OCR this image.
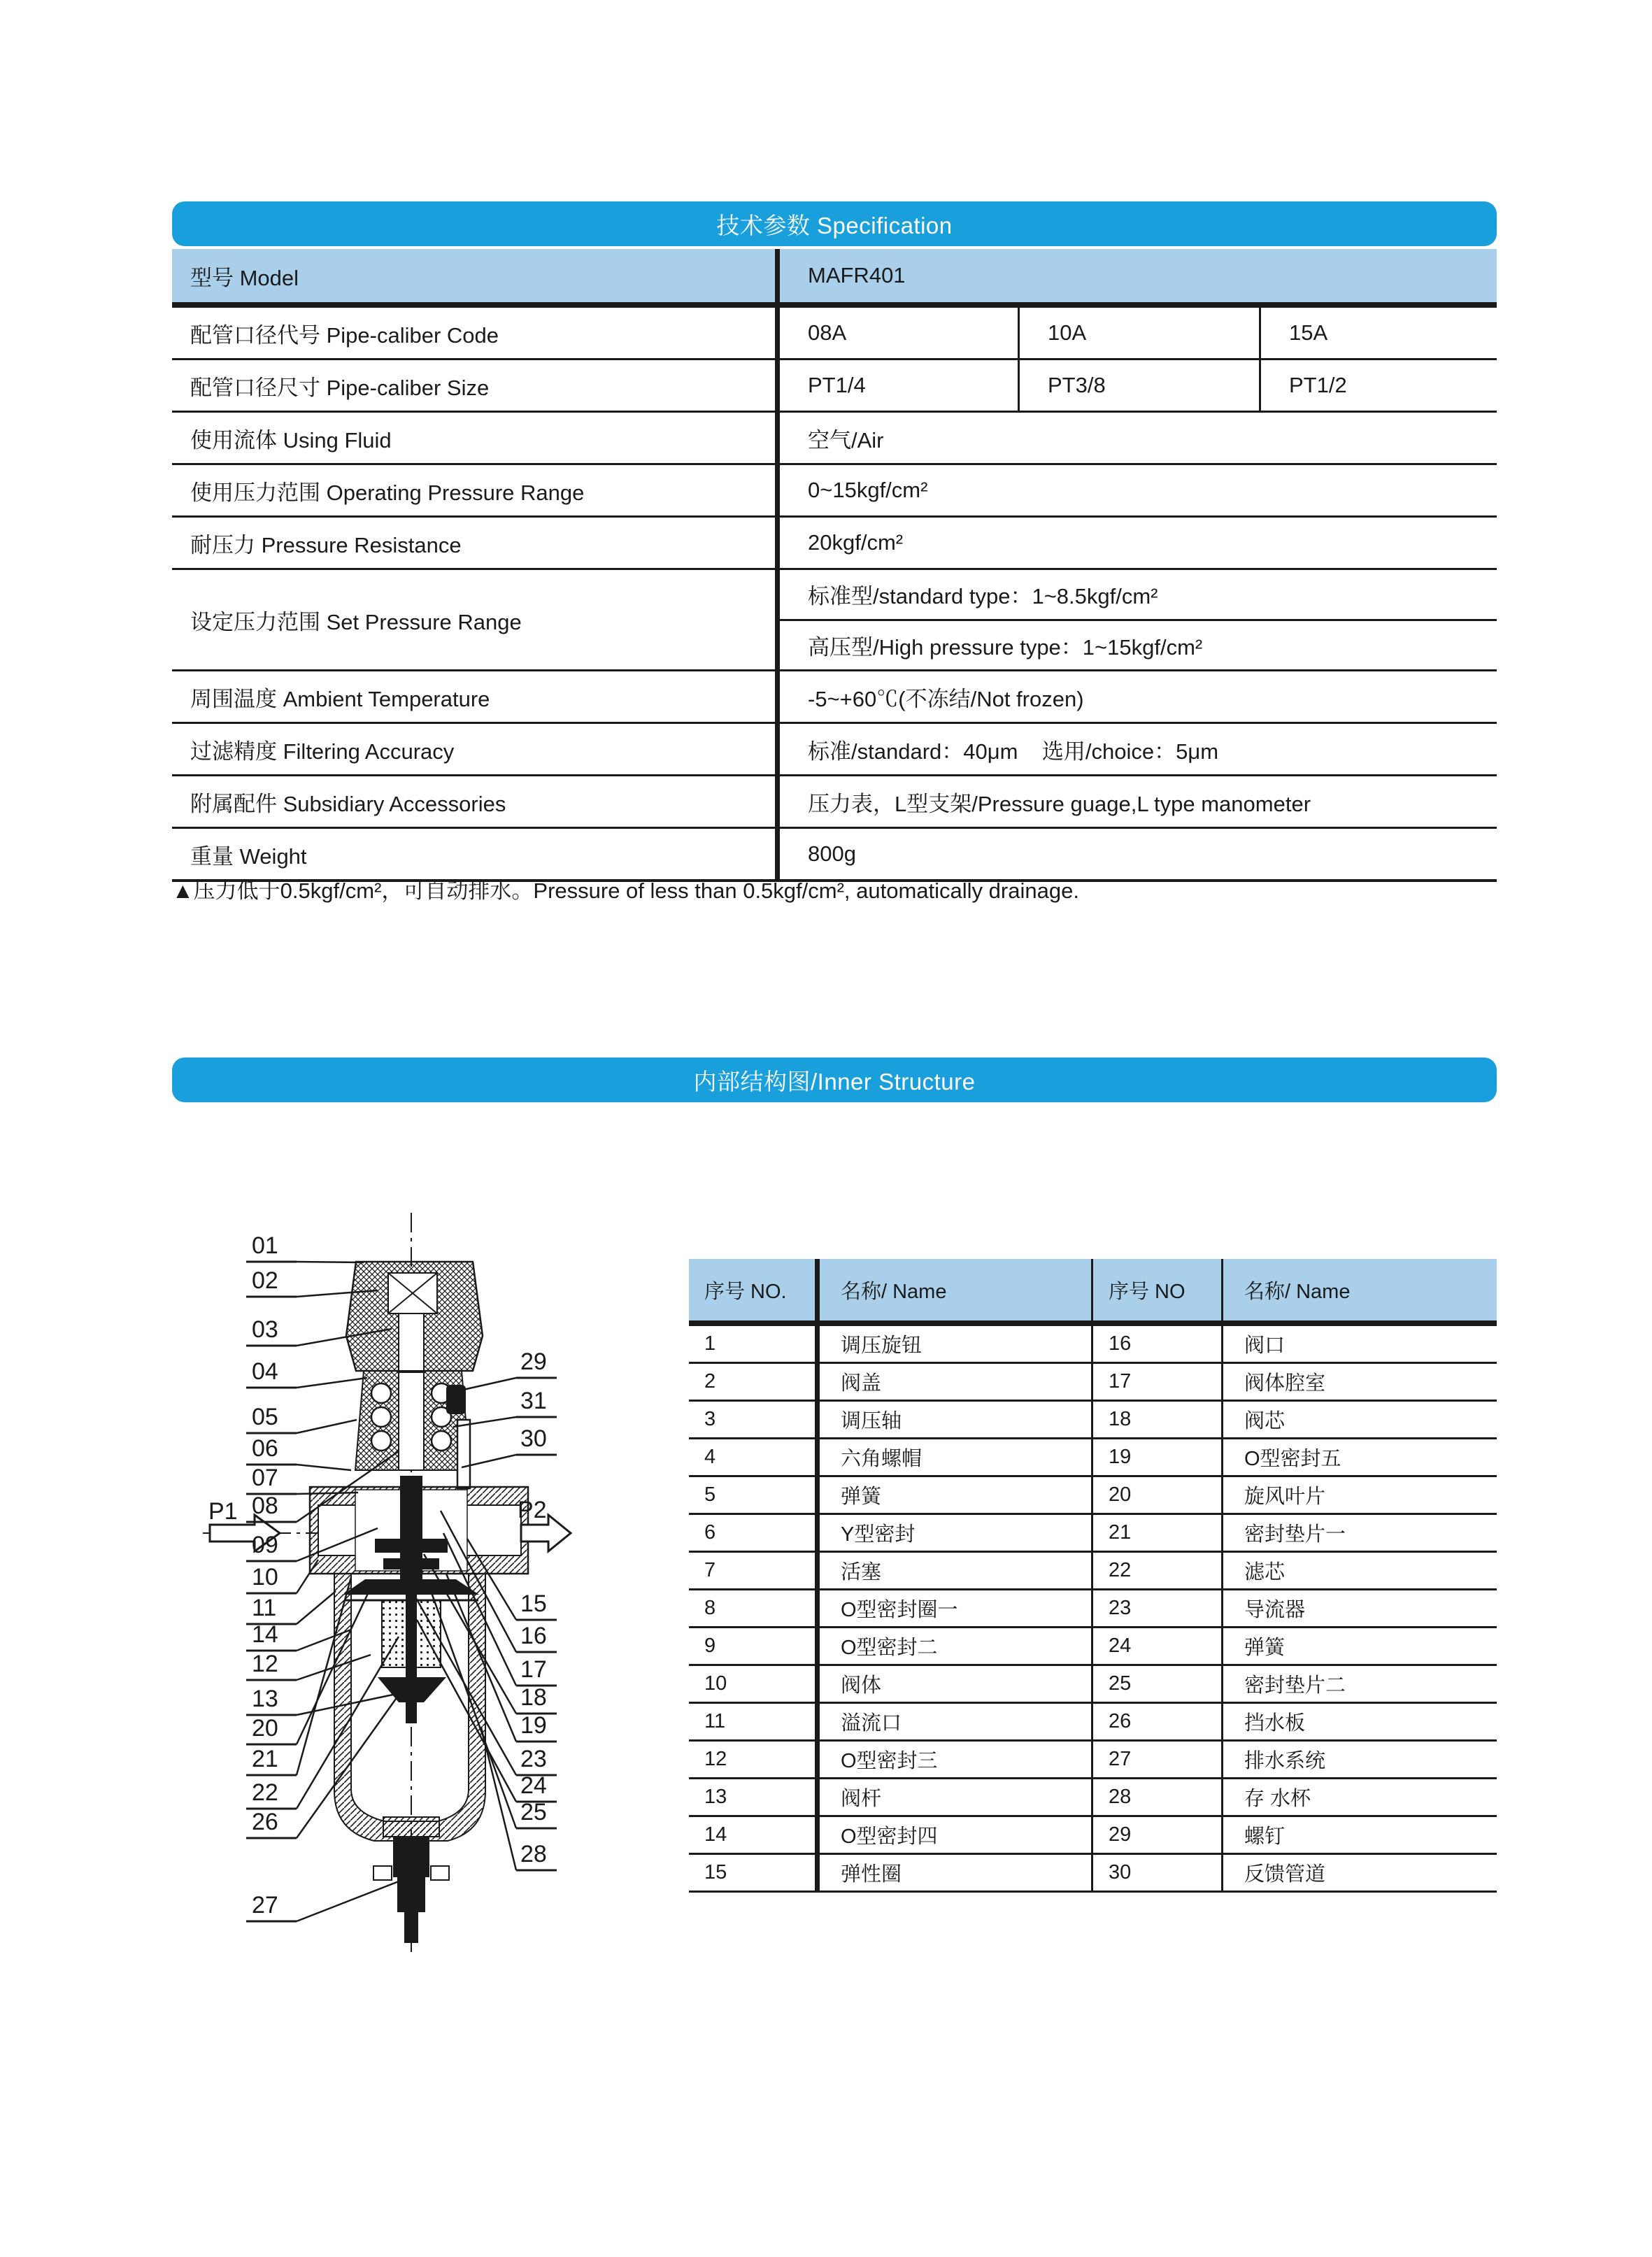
技术参数 Specification
型号 Model	MAFR401
配管口径代号 Pipe-caliber Code	08A	10A	15A
配管口径尺寸 Pipe-caliber Size	PT1/4	PT3/8	PT1/2
使用流体 Using Fluid	空气/Air
使用压力范围 Operating Pressure Range	0~15kgf/cm²
耐压力 Pressure Resistance	20kgf/cm²
设定压力范围 Set Pressure Range
标准型/standard type：1~8.5kgf/cm²
高压型/High pressure type：1~15kgf/cm²
周围温度 Ambient Temperature	-5~+60℃(不冻结/Not frozen)
过滤精度 Filtering Accuracy	标准/standard：40μm    选用/choice：5μm
附属配件 Subsidiary Accessories	压力表，L型支架/Pressure guage,L type manometer
重量 Weight	800g
▲压力低于0.5kgf/cm²，可自动排水。Pressure of less than 0.5kgf/cm², automatically drainage.
内部结构图/Inner Structure
P1	P2
01
02
03
04
05
06
07
08
09
10
11
14
12
13
20
21
22
26
27
29
31
30
15
16
17
18
19
23
24
25
28
序号 NO.	名称/ Name	序号 NO	名称/ Name
1	调压旋钮	16	阀口
2	阀盖	17	阀体腔室
3	调压轴	18	阀芯
4	六角螺帽	19	O型密封五
5	弹簧	20	旋风叶片
6	Y型密封	21	密封垫片一
7	活塞	22	滤芯
8	O型密封圈一	23	导流器
9	O型密封二	24	弹簧
10	阀体	25	密封垫片二
11	溢流口	26	挡水板
12	O型密封三	27	排水系统
13	阀杆	28	存 水杯
14	O型密封四	29	螺钉
15	弹性圈	30	反馈管道
